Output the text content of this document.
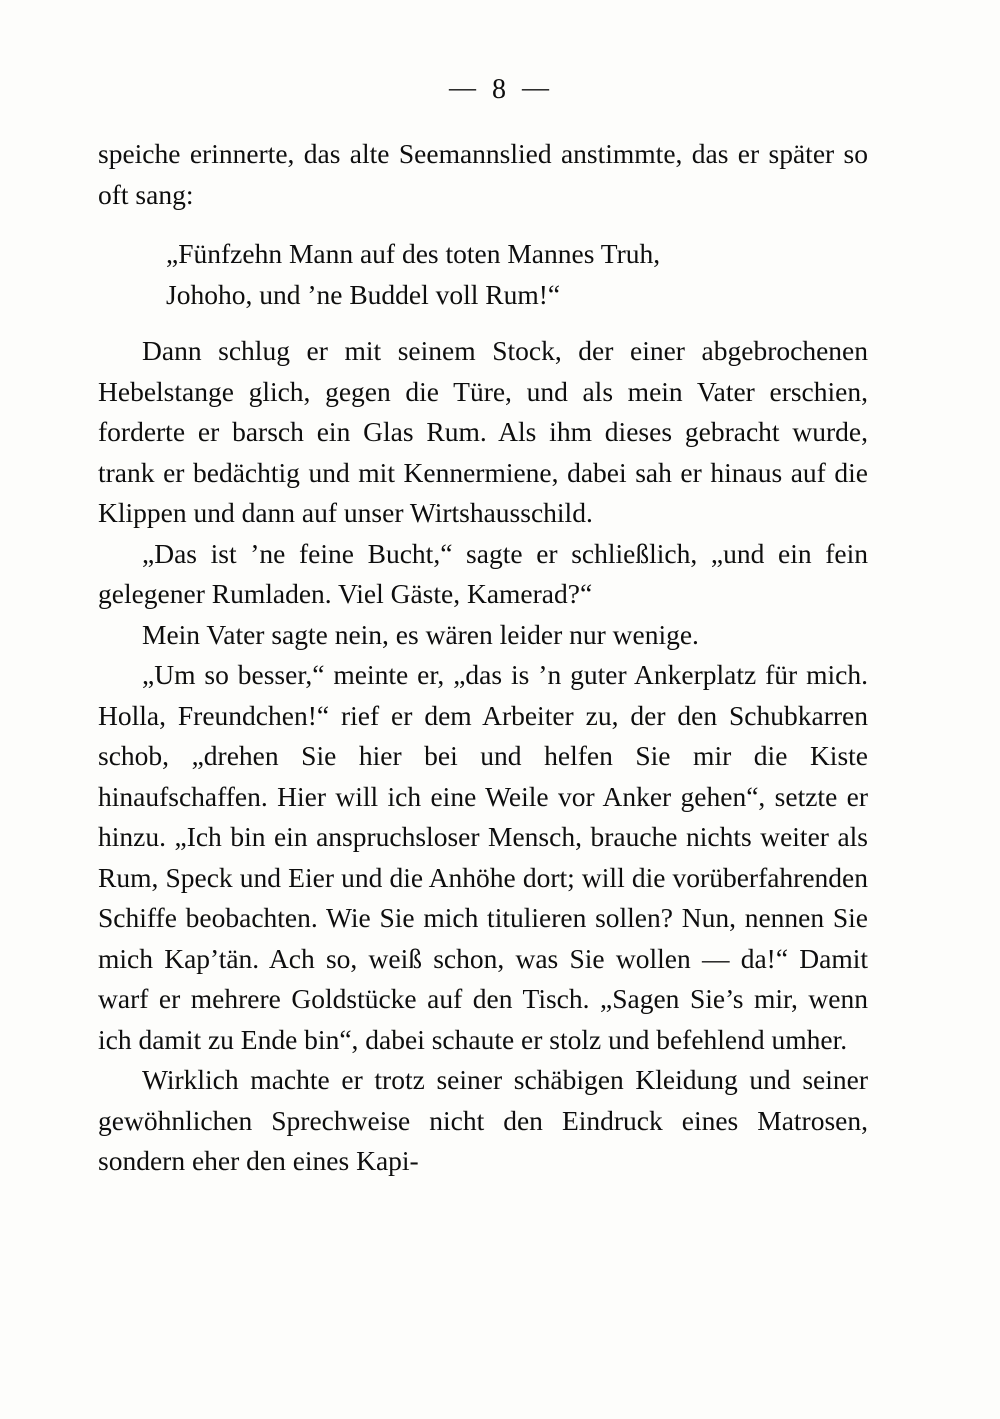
— 8 —

speiche erinnerte, das alte Seemannslied anstimmte, das er später so oft sang:

„Fünfzehn Mann auf des toten Mannes Truh,
Johoho, und ’ne Buddel voll Rum!“

Dann schlug er mit seinem Stock, der einer abgebrochenen Hebelstange glich, gegen die Türe, und als mein Vater erschien, forderte er barsch ein Glas Rum. Als ihm dieses gebracht wurde, trank er bedächtig und mit Kennermiene, dabei sah er hinaus auf die Klippen und dann auf unser Wirtshausschild.

„Das ist ’ne feine Bucht,“ sagte er schließlich, „und ein fein gelegener Rumladen. Viel Gäste, Kamerad?“

Mein Vater sagte nein, es wären leider nur wenige.

„Um so besser,“ meinte er, „das is ’n guter Ankerplatz für mich. Holla, Freundchen!“ rief er dem Arbeiter zu, der den Schubkarren schob, „drehen Sie hier bei und helfen Sie mir die Kiste hinaufschaffen. Hier will ich eine Weile vor Anker gehen“, setzte er hinzu. „Ich bin ein anspruchsloser Mensch, brauche nichts weiter als Rum, Speck und Eier und die Anhöhe dort; will die vorüberfahrenden Schiffe beobachten. Wie Sie mich titulieren sollen? Nun, nennen Sie mich Kap’tän. Ach so, weiß schon, was Sie wollen — da!“ Damit warf er mehrere Goldstücke auf den Tisch. „Sagen Sie’s mir, wenn ich damit zu Ende bin“, dabei schaute er stolz und befehlend umher.

Wirklich machte er trotz seiner schäbigen Kleidung und seiner gewöhnlichen Sprechweise nicht den Eindruck eines Matrosen, sondern eher den eines Kapi-
